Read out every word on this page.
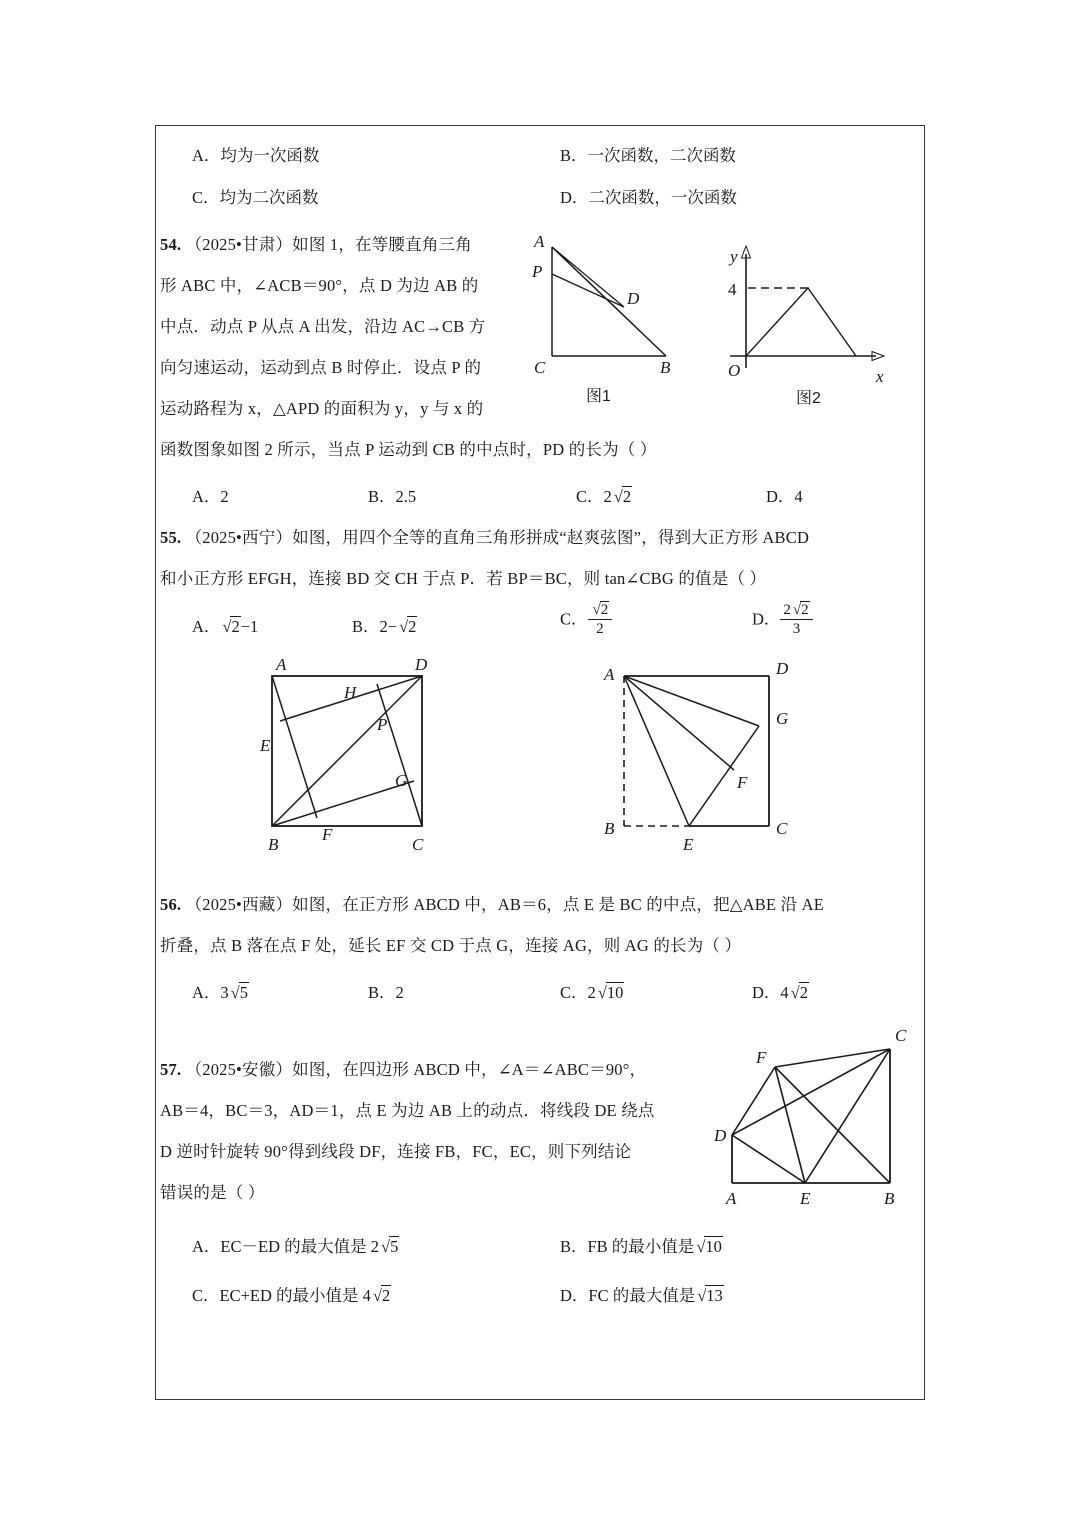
A．均为一次函数	B．一次函数，二次函数
C．均为二次函数	D．二次函数，一次函数
54. （2025•甘肃）如图 1，在等腰直角三角
形 ABC 中，∠ACB＝90°，点 D 为边 AB 的
中点．动点 P 从点 A 出发，沿边 AC→CB 方
向匀速运动，运动到点 B 时停止．设点 P 的
运动路程为 x，△APD 的面积为 y，y 与 x 的
函数图象如图 2 所示，当点 P 运动到 CB 的中点时，PD 的长为（ ）
A
P
D
C	B
图1
y
x
O
4
图2
A．2	B．2.5	C．2 √2	D．4
55. （2025•西宁）如图，用四个全等的直角三角形拼成“赵爽弦图”，得到大正方形 ABCD
和小正方形 EFGH，连接 BD 交 CH 于点 P．若 BP＝BC，则 tan∠CBG 的值是（ ）
A． √2−1	B．2− √2	C． $\frac{√2}{2}$	D． $\frac{2 √2}{3}$
A	D
H
P
E
G
F
B	C
A	D
G
F
B
E
C
56. （2025•西藏）如图，在正方形 ABCD 中，AB＝6，点 E 是 BC 的中点，把△ABE 沿 AE
折叠，点 B 落在点 F 处，延长 EF 交 CD 于点 G，连接 AG，则 AG 的长为（ ）
A．3 √5	B．2	C．2 √10	D．4 √2
57. （2025•安徽）如图，在四边形 ABCD 中，∠A＝∠ABC＝90°，
AB＝4，BC＝3，AD＝1，点 E 为边 AB 上的动点．将线段 DE 绕点
D 逆时针旋转 90°得到线段 DF，连接 FB，FC，EC，则下列结论
错误的是（ ）
C
F
D
A	E	B
A．EC－ED 的最大值是 2 √5	B．FB 的最小值是 √10
C．EC+ED 的最小值是 4 √2	D．FC 的最大值是 √13
